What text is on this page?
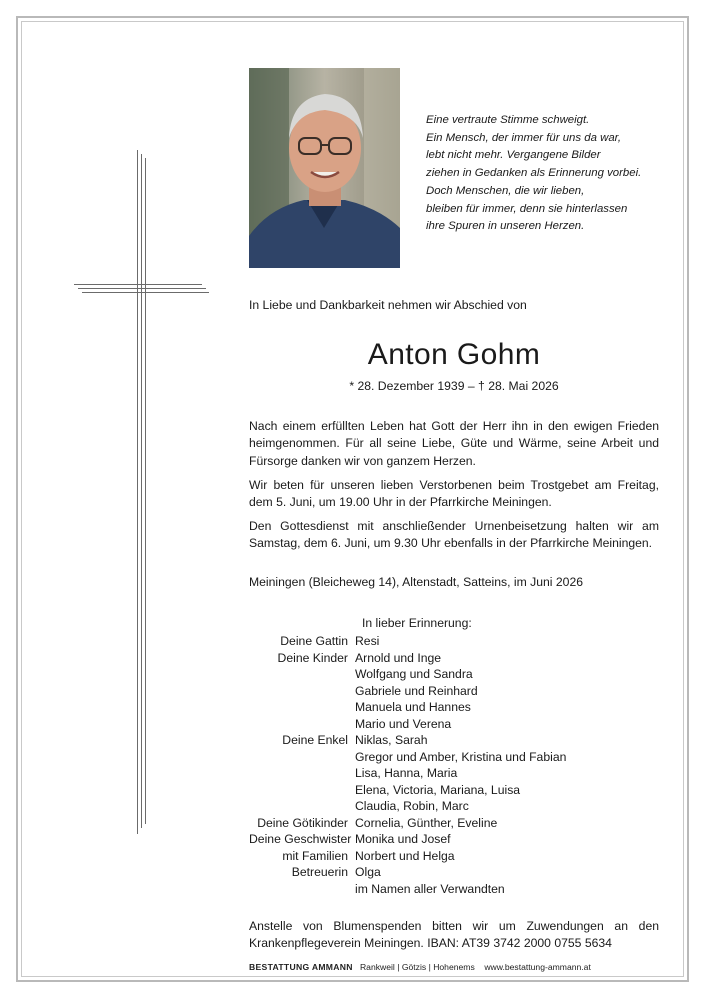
Eine vertraute Stimme schweigt.
Ein Mensch, der immer für uns da war,
lebt nicht mehr. Vergangene Bilder
ziehen in Gedanken als Erinnerung vorbei.
Doch Menschen, die wir lieben,
bleiben für immer, denn sie hinterlassen
ihre Spuren in unseren Herzen.
In Liebe und Dankbarkeit nehmen wir Abschied von
Anton Gohm
* 28. Dezember 1939 – † 28. Mai 2026
Nach einem erfüllten Leben hat Gott der Herr ihn in den ewigen Frieden heimgenommen. Für all seine Liebe, Güte und Wärme, seine Arbeit und Fürsorge danken wir von ganzem Herzen.
Wir beten für unseren lieben Verstorbenen beim Trostgebet am Freitag, dem 5. Juni, um 19.00 Uhr in der Pfarrkirche Meiningen.
Den Gottesdienst mit anschließender Urnenbeisetzung halten wir am Samstag, dem 6. Juni, um 9.30 Uhr ebenfalls in der Pfarrkirche Meiningen.
Meiningen (Bleicheweg 14), Altenstadt, Satteins, im Juni 2026
In lieber Erinnerung:
Deine Gattin Resi
Deine Kinder Arnold und Inge
Wolfgang und Sandra
Gabriele und Reinhard
Manuela und Hannes
Mario und Verena
Deine Enkel Niklas, Sarah
Gregor und Amber, Kristina und Fabian
Lisa, Hanna, Maria
Elena, Victoria, Mariana, Luisa
Claudia, Robin, Marc
Deine Götikinder Cornelia, Günther, Eveline
Deine Geschwister Monika und Josef
mit Familien Norbert und Helga
Betreuerin Olga
im Namen aller Verwandten
Anstelle von Blumenspenden bitten wir um Zuwendungen an den Krankenpflegeverein Meiningen. IBAN: AT39 3742 2000 0755 5634
BESTATTUNG AMMANN Rankweil | Götzis | Hohenems www.bestattung-ammann.at
